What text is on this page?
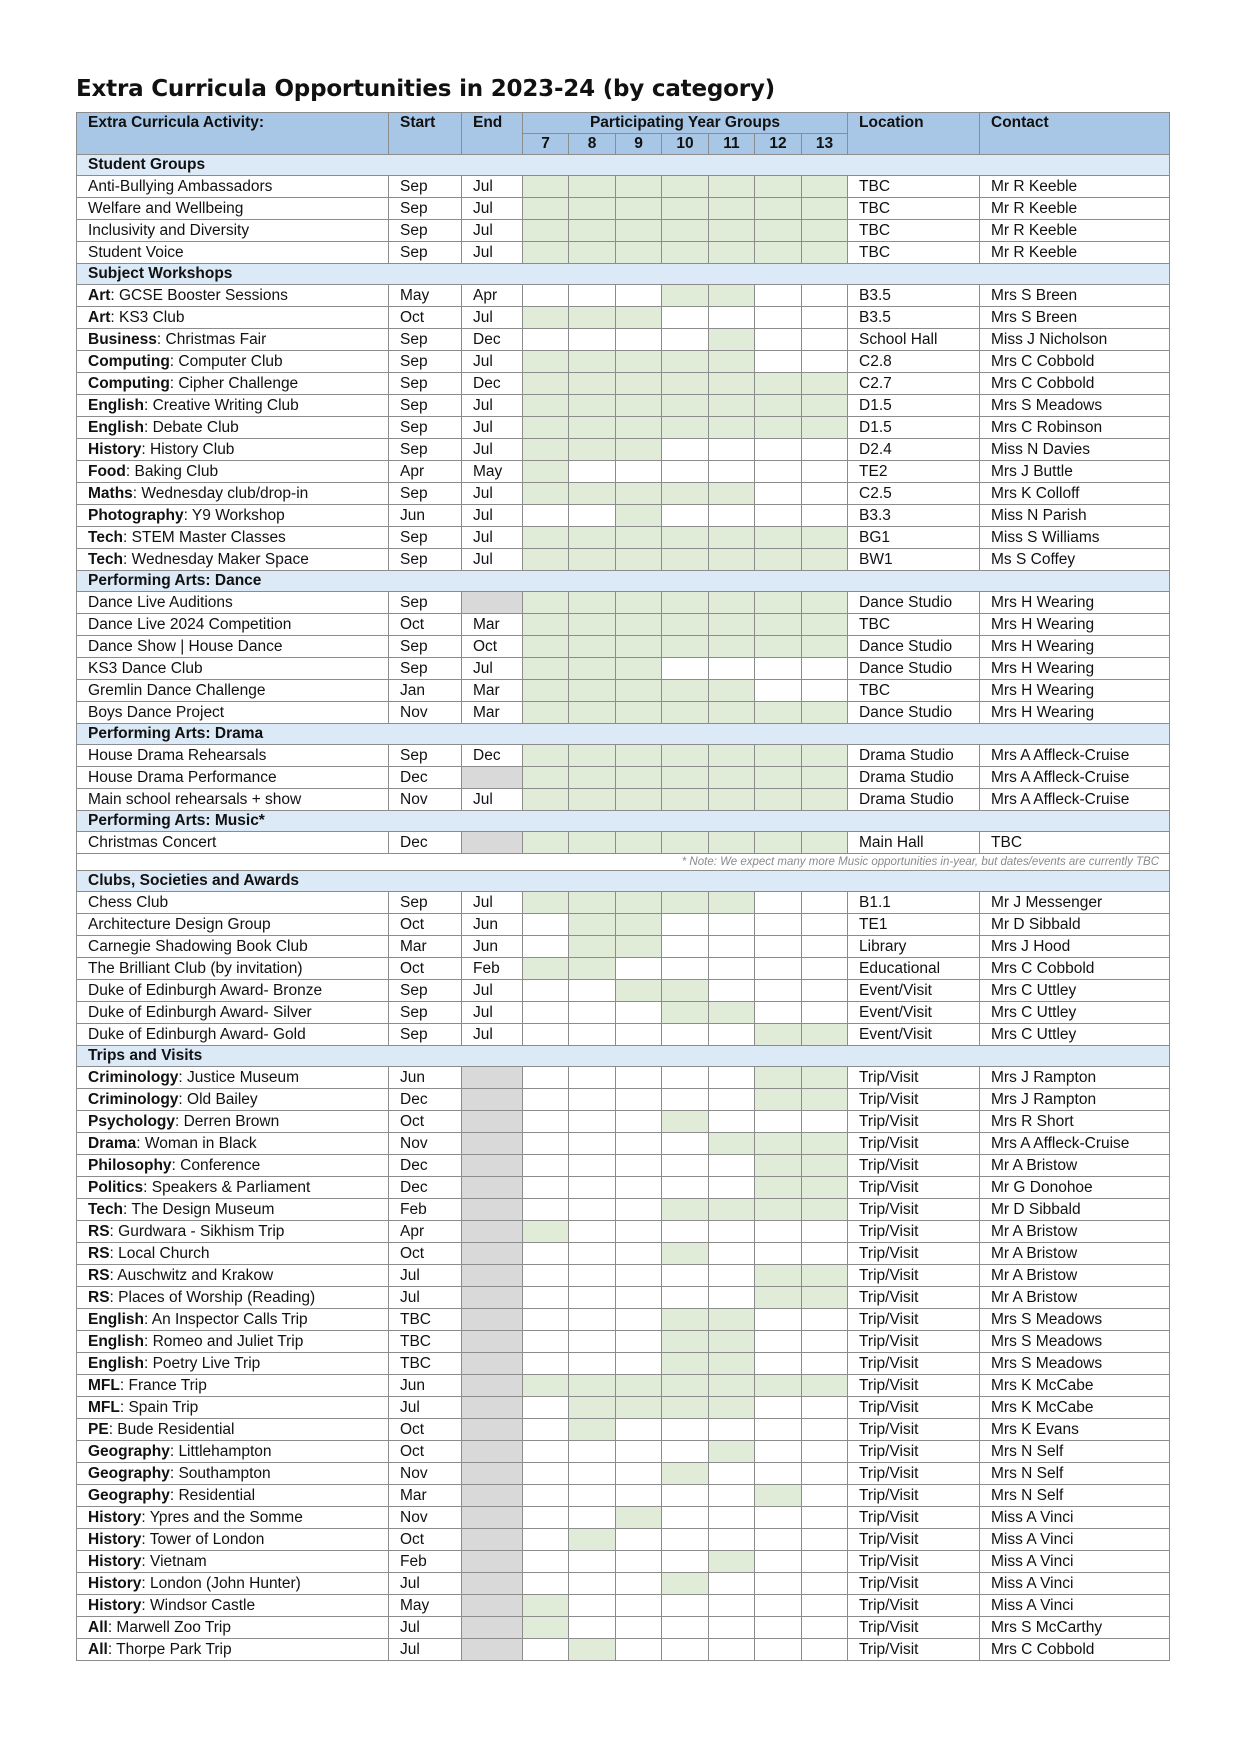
Extra Curricula Opportunities in 2023-24 (by category)
Extra Curricula Activity:	Start	End	Participating Year Groups							Location	Contact
			7	8	9	10	11	12	13		
Student Groups											
Anti-Bullying Ambassadors	Sep	Jul								TBC	Mr R Keeble
Welfare and Wellbeing	Sep	Jul								TBC	Mr R Keeble
Inclusivity and Diversity	Sep	Jul								TBC	Mr R Keeble
Student Voice	Sep	Jul								TBC	Mr R Keeble
Subject Workshops											
Art: GCSE Booster Sessions	May	Apr								B3.5	Mrs S Breen
Art: KS3 Club	Oct	Jul								B3.5	Mrs S Breen
Business: Christmas Fair	Sep	Dec								School Hall	Miss J Nicholson
Computing: Computer Club	Sep	Jul								C2.8	Mrs C Cobbold
Computing: Cipher Challenge	Sep	Dec								C2.7	Mrs C Cobbold
English: Creative Writing Club	Sep	Jul								D1.5	Mrs S Meadows
English: Debate Club	Sep	Jul								D1.5	Mrs C Robinson
History: History Club	Sep	Jul								D2.4	Miss N Davies
Food: Baking Club	Apr	May								TE2	Mrs J Buttle
Maths: Wednesday club/drop-in	Sep	Jul								C2.5	Mrs K Colloff
Photography: Y9 Workshop	Jun	Jul								B3.3	Miss N Parish
Tech: STEM Master Classes	Sep	Jul								BG1	Miss S Williams
Tech: Wednesday Maker Space	Sep	Jul								BW1	Ms S Coffey
Performing Arts: Dance											
Dance Live Auditions	Sep									Dance Studio	Mrs H Wearing
Dance Live 2024 Competition	Oct	Mar								TBC	Mrs H Wearing
Dance Show | House Dance	Sep	Oct								Dance Studio	Mrs H Wearing
KS3 Dance Club	Sep	Jul								Dance Studio	Mrs H Wearing
Gremlin Dance Challenge	Jan	Mar								TBC	Mrs H Wearing
Boys Dance Project	Nov	Mar								Dance Studio	Mrs H Wearing
Performing Arts: Drama											
House Drama Rehearsals	Sep	Dec								Drama Studio	Mrs A Affleck-Cruise
House Drama Performance	Dec									Drama Studio	Mrs A Affleck-Cruise
Main school rehearsals + show	Nov	Jul								Drama Studio	Mrs A Affleck-Cruise
Performing Arts: Music*											
Christmas Concert	Dec									Main Hall	TBC
* Note: We expect many more Music opportunities in-year, but dates/events are currently TBC											
Clubs, Societies and Awards											
Chess Club	Sep	Jul								B1.1	Mr J Messenger
Architecture Design Group	Oct	Jun								TE1	Mr D Sibbald
Carnegie Shadowing Book Club	Mar	Jun								Library	Mrs J Hood
The Brilliant Club (by invitation)	Oct	Feb								Educational	Mrs C Cobbold
Duke of Edinburgh Award- Bronze	Sep	Jul								Event/Visit	Mrs C Uttley
Duke of Edinburgh Award- Silver	Sep	Jul								Event/Visit	Mrs C Uttley
Duke of Edinburgh Award- Gold	Sep	Jul								Event/Visit	Mrs C Uttley
Trips and Visits											
Criminology: Justice Museum	Jun									Trip/Visit	Mrs J Rampton
Criminology: Old Bailey	Dec									Trip/Visit	Mrs J Rampton
Psychology: Derren Brown	Oct									Trip/Visit	Mrs R Short
Drama: Woman in Black	Nov									Trip/Visit	Mrs A Affleck-Cruise
Philosophy: Conference	Dec									Trip/Visit	Mr A Bristow
Politics: Speakers & Parliament	Dec									Trip/Visit	Mr G Donohoe
Tech: The Design Museum	Feb									Trip/Visit	Mr D Sibbald
RS: Gurdwara - Sikhism Trip	Apr									Trip/Visit	Mr A Bristow
RS: Local Church	Oct									Trip/Visit	Mr A Bristow
RS: Auschwitz and Krakow	Jul									Trip/Visit	Mr A Bristow
RS: Places of Worship (Reading)	Jul									Trip/Visit	Mr A Bristow
English: An Inspector Calls Trip	TBC									Trip/Visit	Mrs S Meadows
English: Romeo and Juliet Trip	TBC									Trip/Visit	Mrs S Meadows
English: Poetry Live Trip	TBC									Trip/Visit	Mrs S Meadows
MFL: France Trip	Jun									Trip/Visit	Mrs K McCabe
MFL: Spain Trip	Jul									Trip/Visit	Mrs K McCabe
PE: Bude Residential	Oct									Trip/Visit	Mrs K Evans
Geography: Littlehampton	Oct									Trip/Visit	Mrs N Self
Geography: Southampton	Nov									Trip/Visit	Mrs N Self
Geography: Residential	Mar									Trip/Visit	Mrs N Self
History: Ypres and the Somme	Nov									Trip/Visit	Miss A Vinci
History: Tower of London	Oct									Trip/Visit	Miss A Vinci
History: Vietnam	Feb									Trip/Visit	Miss A Vinci
History: London (John Hunter)	Jul									Trip/Visit	Miss A Vinci
History: Windsor Castle	May									Trip/Visit	Miss A Vinci
All: Marwell Zoo Trip	Jul									Trip/Visit	Mrs S McCarthy
All: Thorpe Park Trip	Jul									Trip/Visit	Mrs C Cobbold
